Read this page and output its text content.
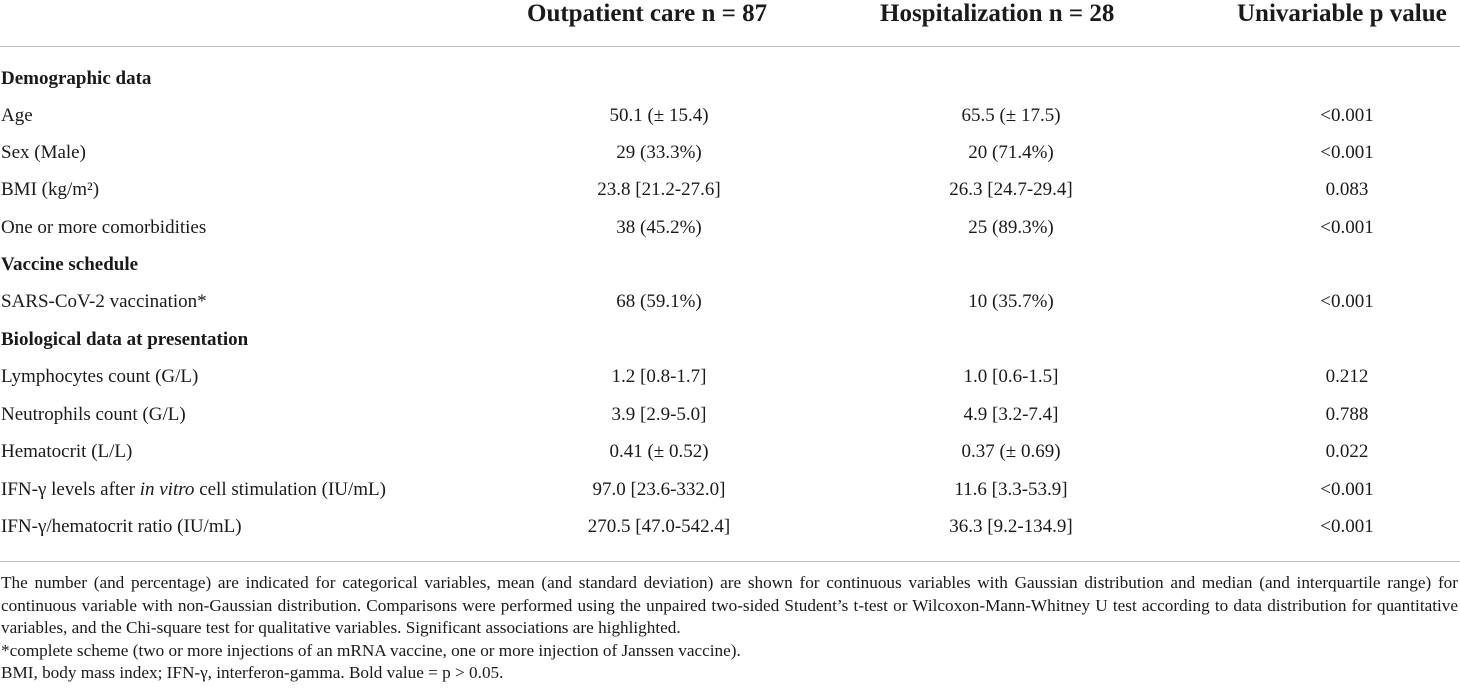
Outpatient care n = 87	Hospitalization n = 28	Univariable p value
Demographic data
Age	50.1 (± 15.4)	65.5 (± 17.5)	<0.001
Sex (Male)	29 (33.3%)	20 (71.4%)	<0.001
BMI (kg/m²)	23.8 [21.2-27.6]	26.3 [24.7-29.4]	0.083
One or more comorbidities	38 (45.2%)	25 (89.3%)	<0.001
Vaccine schedule
SARS-CoV-2 vaccination*	68 (59.1%)	10 (35.7%)	<0.001
Biological data at presentation
Lymphocytes count (G/L)	1.2 [0.8-1.7]	1.0 [0.6-1.5]	0.212
Neutrophils count (G/L)	3.9 [2.9-5.0]	4.9 [3.2-7.4]	0.788
Hematocrit (L/L)	0.41 (± 0.52)	0.37 (± 0.69)	0.022
IFN-γ levels after in vitro cell stimulation (IU/mL)	97.0 [23.6-332.0]	11.6 [3.3-53.9]	<0.001
IFN-γ/hematocrit ratio (IU/mL)	270.5 [47.0-542.4]	36.3 [9.2-134.9]	<0.001

The number (and percentage) are indicated for categorical variables, mean (and standard deviation) are shown for continuous variables with Gaussian distribution and median (and interquartile range) for continuous variable with non-Gaussian distribution. Comparisons were performed using the unpaired two-sided Student’s t-test or Wilcoxon-Mann-Whitney U test according to data distribution for quantitative variables, and the Chi-square test for qualitative variables. Significant associations are highlighted.

*complete scheme (two or more injections of an mRNA vaccine, one or more injection of Janssen vaccine).

BMI, body mass index; IFN-γ, interferon-gamma. Bold value = p > 0.05.
